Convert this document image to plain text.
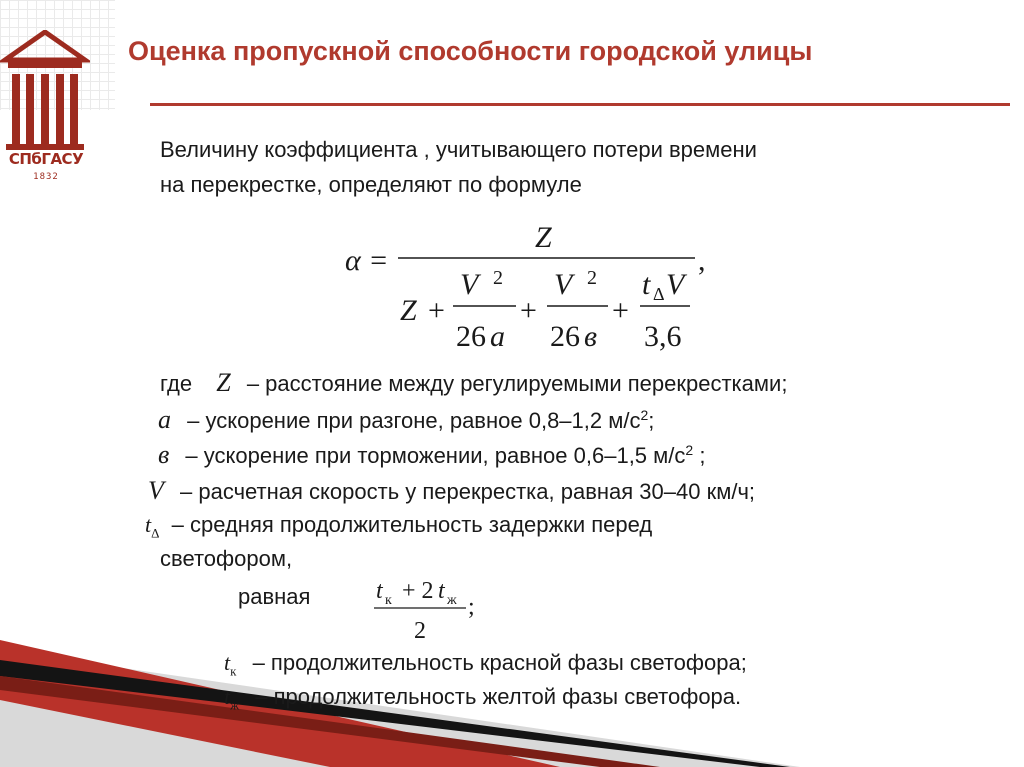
СПбГАСУ
1832
Оценка пропускной способности городской улицы
Величину коэффициента , учитывающего потери времени
на перекрестке, определяют по формуле
α =
Z
,
Z +
V 2
26 a
+
V 2
26 в
+
t Δ V
3,6
где Z – расстояние между регулируемыми перекрестками;
a – ускорение при разгоне, равное 0,8–1,2 $м/с^2$;
в – ускорение при торможении, равное 0,6–1,5 $м/с^2$ ;
V – расчетная скорость у перекрестка, равная 30–40 км/ч;
$t_\Delta$ – средняя продолжительность задержки перед
светофором,
равная	t к + 2 t ж ;
2
$t_к$ – продолжительность красной фазы светофора;
$t_ж$ – продолжительность желтой фазы светофора.
